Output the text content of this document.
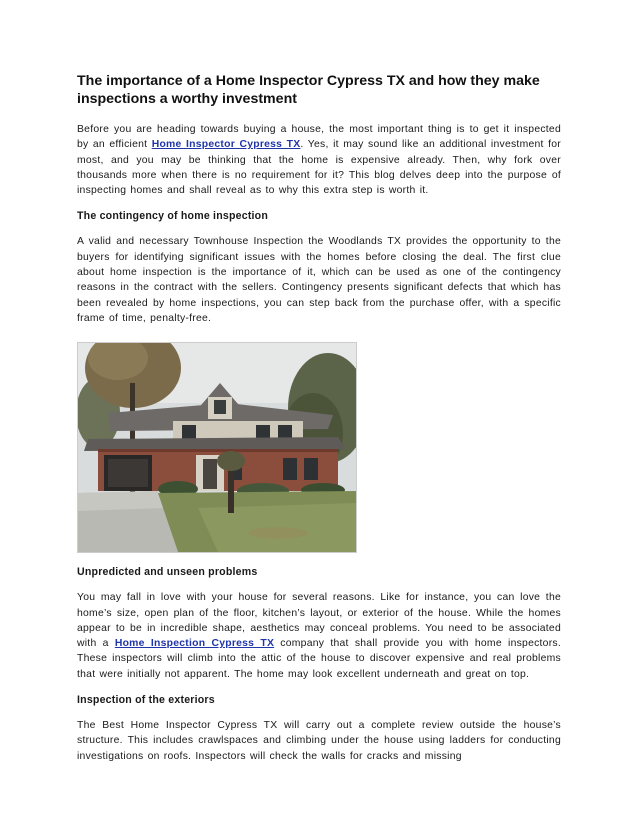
The importance of a Home Inspector Cypress TX and how they make inspections a worthy investment

Before you are heading towards buying a house, the most important thing is to get it inspected by an efficient Home Inspector Cypress TX. Yes, it may sound like an additional investment for most, and you may be thinking that the home is expensive already. Then, why fork over thousands more when there is no requirement for it? This blog delves deep into the purpose of inspecting homes and shall reveal as to why this extra step is worth it.

The contingency of home inspection

A valid and necessary Townhouse Inspection the Woodlands TX provides the opportunity to the buyers for identifying significant issues with the homes before closing the deal. The first clue about home inspection is the importance of it, which can be used as one of the contingency reasons in the contract with the sellers. Contingency presents significant defects that which has been revealed by home inspections, you can step back from the purchase offer, with a specific frame of time, penalty-free.

Unpredicted and unseen problems

You may fall in love with your house for several reasons. Like for instance, you can love the home’s size, open plan of the floor, kitchen’s layout, or exterior of the house. While the homes appear to be in incredible shape, aesthetics may conceal problems. You need to be associated with a Home Inspection Cypress TX company that shall provide you with home inspectors. These inspectors will climb into the attic of the house to discover expensive and real problems that were initially not apparent. The home may look excellent underneath and great on top.

Inspection of the exteriors

The Best Home Inspector Cypress TX will carry out a complete review outside the house’s structure. This includes crawlspaces and climbing under the house using ladders for conducting investigations on roofs. Inspectors will check the walls for cracks and missing
